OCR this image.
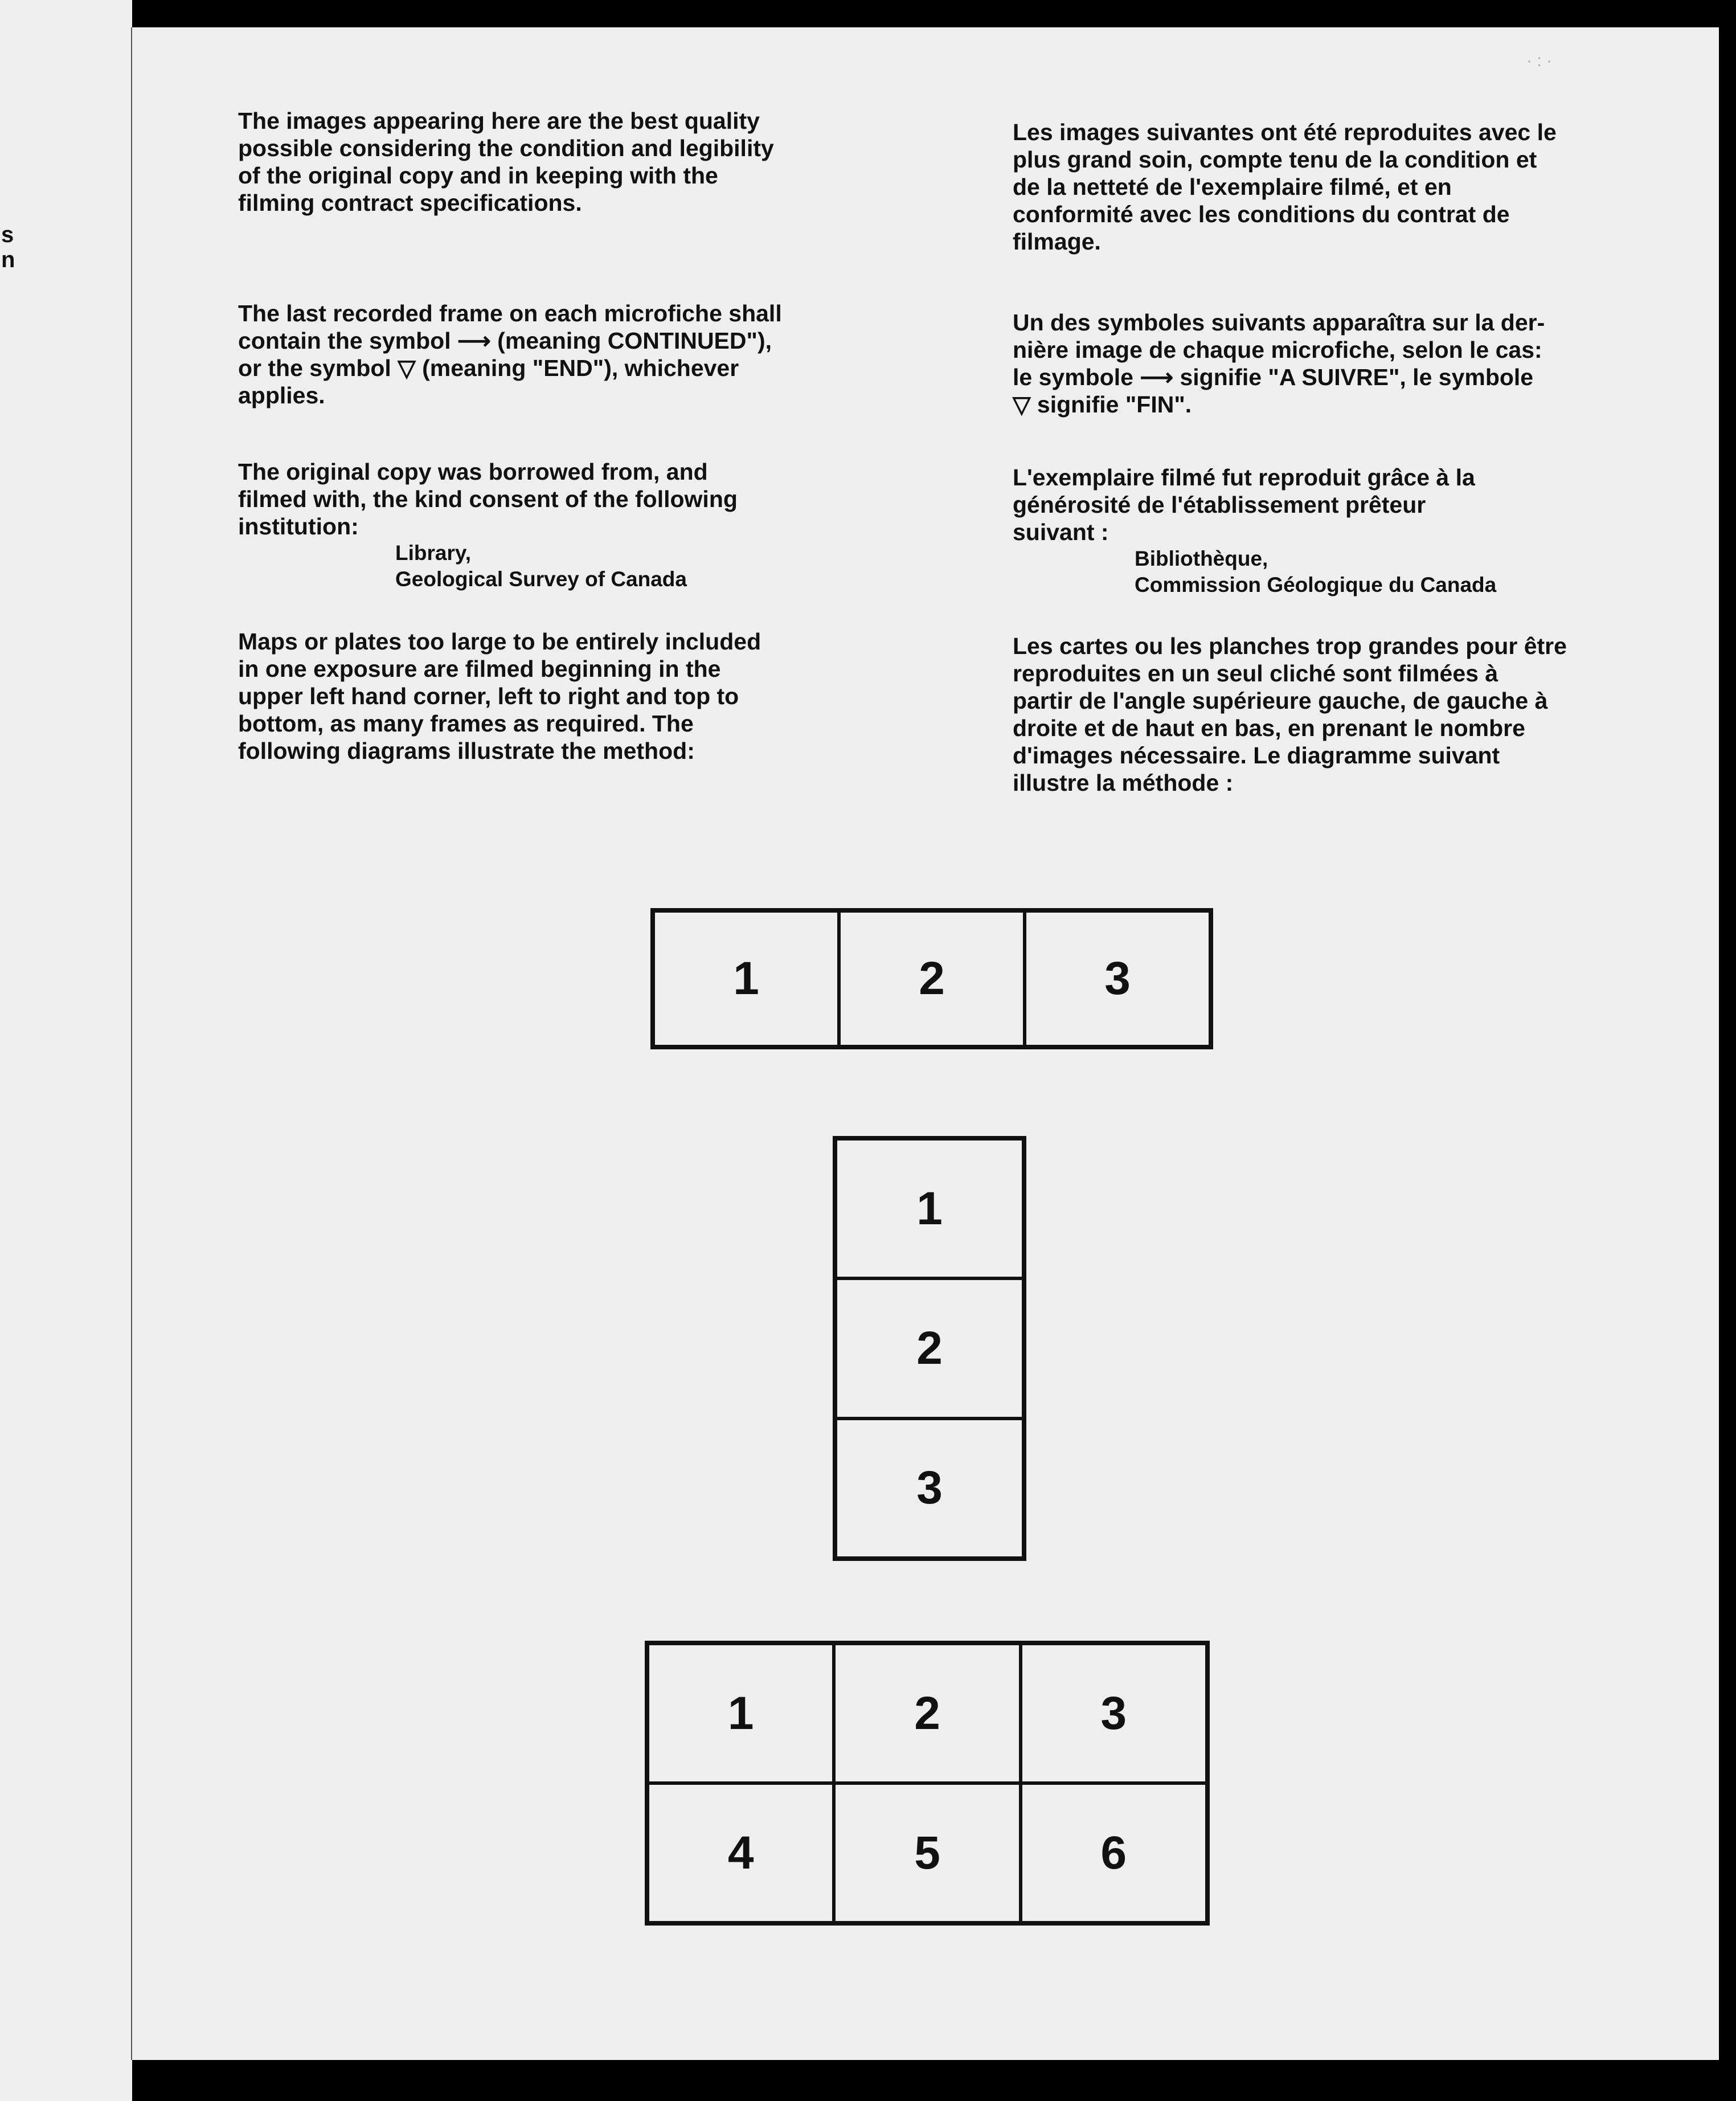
s
n
· : ·

The images appearing here are the best quality
possible considering the condition and legibility
of the original copy and in keeping with the
filming contract specifications.

The last recorded frame on each microfiche shall
contain the symbol ⟶ (meaning CONTINUED"),
or the symbol ▽ (meaning "END"), whichever
applies.

The original copy was borrowed from, and
filmed with, the kind consent of the following
institution:

Library,
Geological Survey of Canada

Maps or plates too large to be entirely included
in one exposure are filmed beginning in the
upper left hand corner, left to right and top to
bottom, as many frames as required. The
following diagrams illustrate the method:

Les images suivantes ont été reproduites avec le
plus grand soin, compte tenu de la condition et
de la netteté de l'exemplaire filmé, et en
conformité avec les conditions du contrat de
filmage.

Un des symboles suivants apparaîtra sur la der-
nière image de chaque microfiche, selon le cas:
le symbole ⟶ signifie "A SUIVRE", le symbole
▽ signifie "FIN".

L'exemplaire filmé fut reproduit grâce à la
générosité de l'établissement prêteur
suivant :

Bibliothèque,
Commission Géologique du Canada

Les cartes ou les planches trop grandes pour être
reproduites en un seul cliché sont filmées à
partir de l'angle supérieure gauche, de gauche à
droite et de haut en bas, en prenant le nombre
d'images nécessaire. Le diagramme suivant
illustre la méthode :

1	2	3
1
2
3
1	2	3
4	5	6
